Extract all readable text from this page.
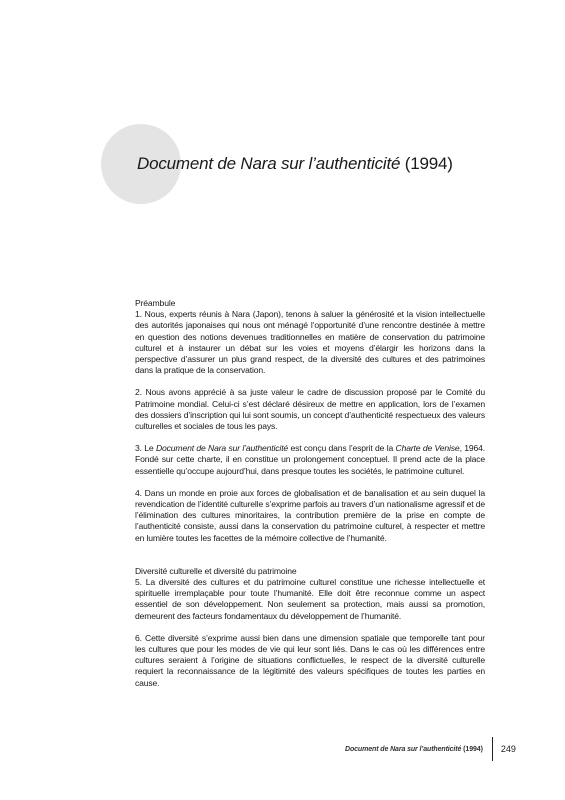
Document de Nara sur l’authenticité (1994)
Préambule

1. Nous, experts réunis à Nara (Japon), tenons à saluer la générosité et la vision intellectuelle des autorités japonaises qui nous ont ménagé l’opportunité d’une rencontre destinée à mettre en question des notions devenues traditionnelles en matière de conservation du patrimoine culturel et à instaurer un débat sur les voies et moyens d’élargir les horizons dans la perspective d’assurer un plus grand respect, de la diversité des cultures et des patrimoines dans la pratique de la conservation.

2. Nous avons apprécié à sa juste valeur le cadre de discussion proposé par le Comité du Patrimoine mondial. Celui-ci s’est déclaré désireux de mettre en application, lors de l’examen des dossiers d’inscription qui lui sont soumis, un concept d’authenticité respectueux des valeurs culturelles et sociales de tous les pays.

3. Le Document de Nara sur l’authenticité est conçu dans l’esprit de la Charte de Venise, 1964. Fondé sur cette charte, il en constitue un prolongement conceptuel. Il prend acte de la place essentielle qu’occupe aujourd’hui, dans presque toutes les sociétés, le patrimoine culturel.

4. Dans un monde en proie aux forces de globalisation et de banalisation et au sein duquel la revendication de l’identité culturelle s’exprime parfois au travers d’un nationalisme agressif et de l’élimination des cultures minoritaires, la contribution première de la prise en compte de l’authenticité consiste, aussi dans la conservation du patrimoine culturel, à respecter et mettre en lumière toutes les facettes de la mémoire collective de l’humanité.

Diversité culturelle et diversité du patrimoine

5. La diversité des cultures et du patrimoine culturel constitue une richesse intellectuelle et spirituelle irremplaçable pour toute l’humanité. Elle doit être reconnue comme un aspect essentiel de son développement. Non seulement sa protection, mais aussi sa promotion, demeurent des facteurs fondamentaux du développement de l’humanité.

6. Cette diversité s’exprime aussi bien dans une dimension spatiale que temporelle tant pour les cultures que pour les modes de vie qui leur sont liés. Dans le cas où les différences entre cultures seraient à l’origine de situations conflictuelles, le respect de la diversité culturelle requiert la reconnaissance de la légitimité des valeurs spécifiques de toutes les parties en cause.

Document de Nara sur l’authenticité (1994) 249
